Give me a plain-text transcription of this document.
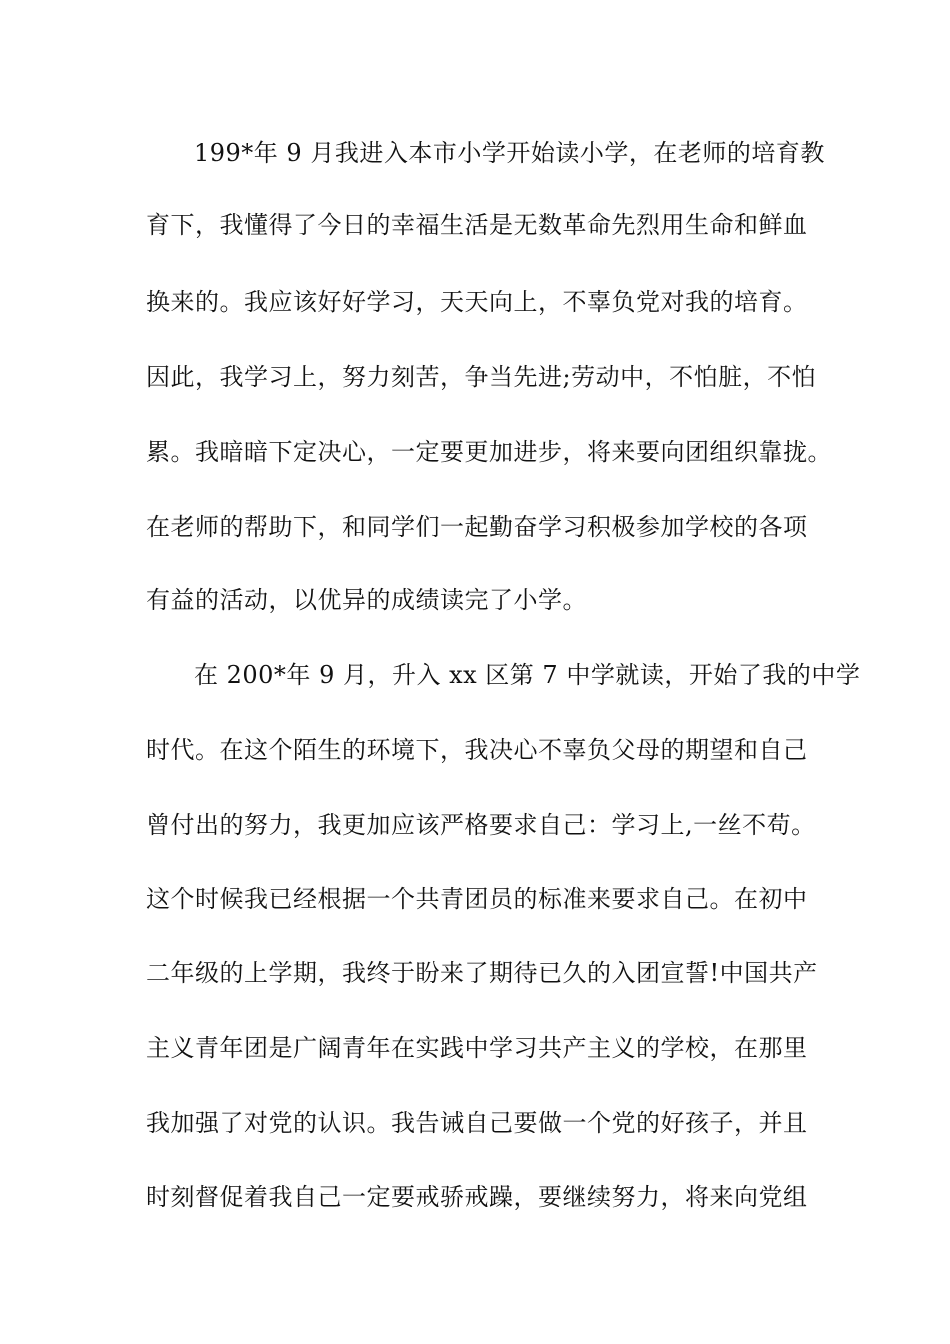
199*年 9 月我进入本市小学开始读小学，在老师的培育教
育下，我懂得了今日的幸福生活是无数革命先烈用生命和鲜血
换来的。我应该好好学习，天天向上，不辜负党对我的培育。
因此，我学习上，努力刻苦，争当先进;劳动中，不怕脏，不怕
累。我暗暗下定决心，一定要更加进步，将来要向团组织靠拢。
在老师的帮助下，和同学们一起勤奋学习积极参加学校的各项
有益的活动，以优异的成绩读完了小学。
在 200*年 9 月，升入 xx 区第 7 中学就读，开始了我的中学
时代。在这个陌生的环境下，我决心不辜负父母的期望和自己
曾付出的努力，我更加应该严格要求自己：学习上,一丝不苟。
这个时候我已经根据一个共青团员的标准来要求自己。在初中
二年级的上学期，我终于盼来了期待已久的入团宣誓!中国共产
主义青年团是广阔青年在实践中学习共产主义的学校，在那里
我加强了对党的认识。我告诫自己要做一个党的好孩子，并且
时刻督促着我自己一定要戒骄戒躁，要继续努力，将来向党组
